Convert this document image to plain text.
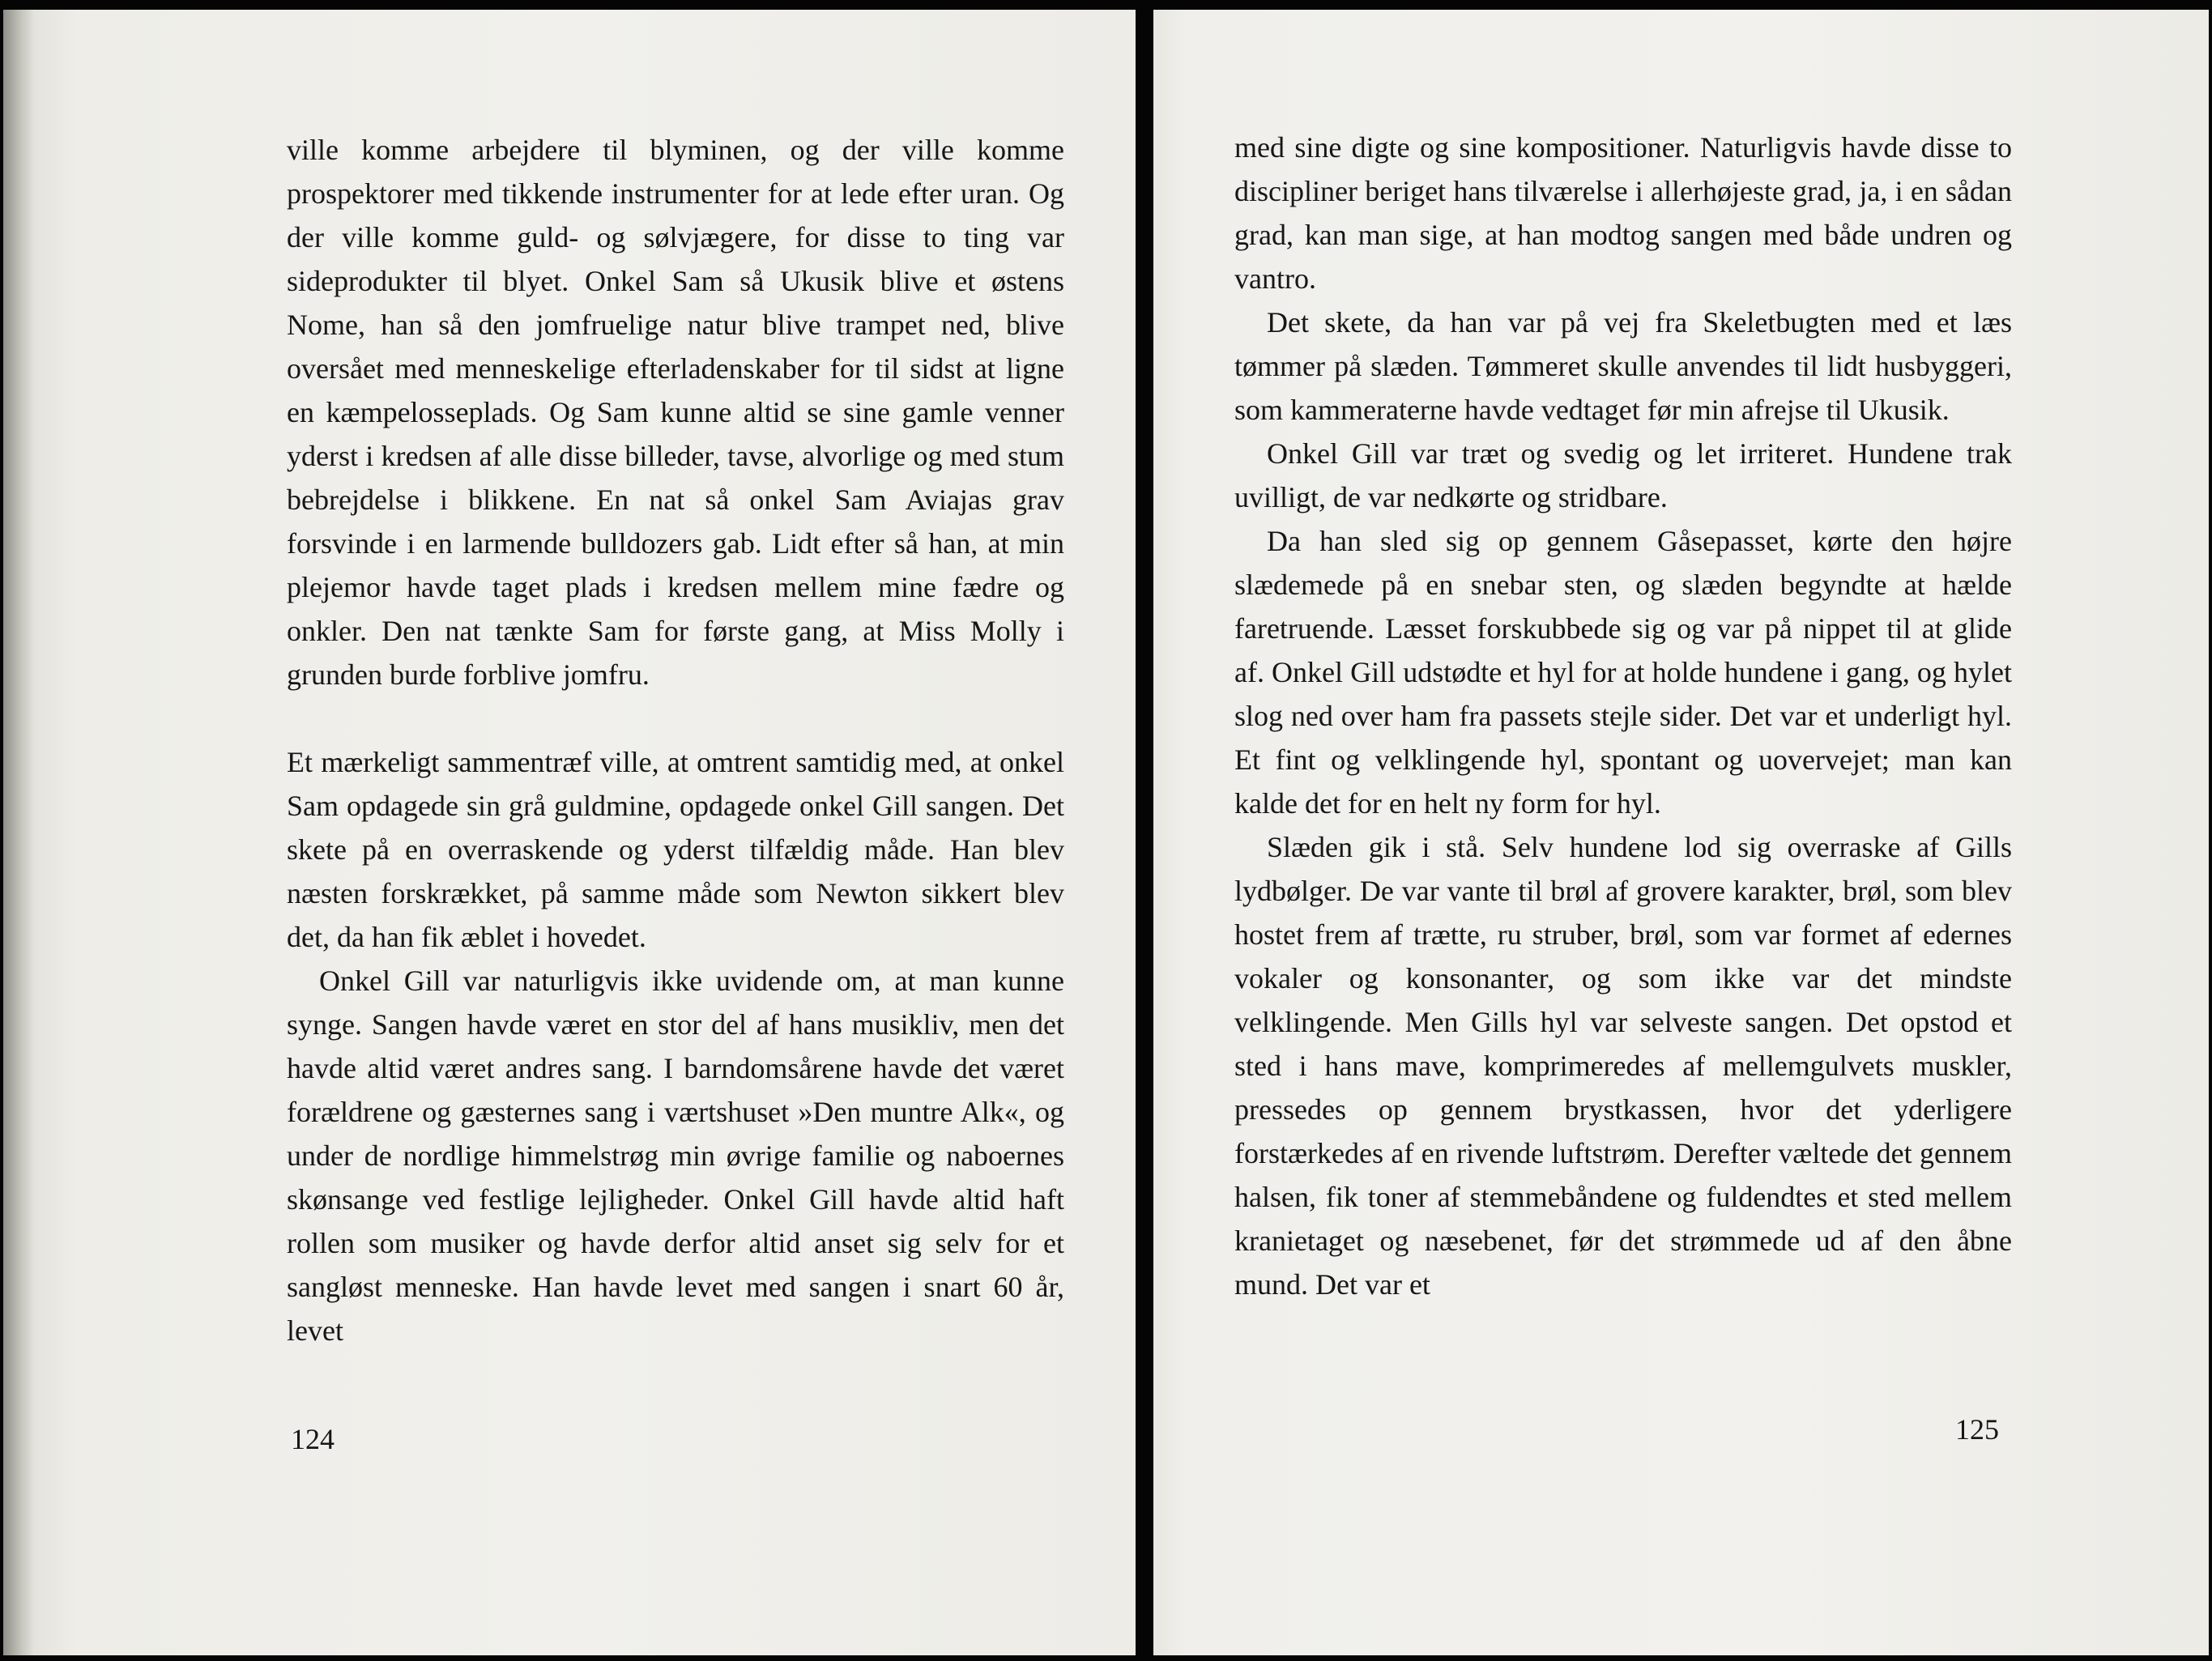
ville komme arbejdere til blyminen, og der ville komme prospektorer med tikkende instrumenter for at lede efter uran. Og der ville komme guld- og sølvjægere, for disse to ting var sideprodukter til blyet. Onkel Sam så Ukusik blive et østens Nome, han så den jomfruelige natur blive trampet ned, blive oversået med menneskelige efterladenskaber for til sidst at ligne en kæmpelosseplads. Og Sam kunne altid se sine gamle venner yderst i kredsen af alle disse billeder, tavse, alvorlige og med stum bebrejdelse i blikkene. En nat så onkel Sam Aviajas grav forsvinde i en larmende bulldozers gab. Lidt efter så han, at min plejemor havde taget plads i kredsen mellem mine fædre og onkler. Den nat tænkte Sam for første gang, at Miss Molly i grunden burde forblive jomfru.

Et mærkeligt sammentræf ville, at omtrent samtidig med, at onkel Sam opdagede sin grå guldmine, opdagede onkel Gill sangen. Det skete på en overraskende og yderst tilfældig måde. Han blev næsten forskrækket, på samme måde som Newton sikkert blev det, da han fik æblet i hovedet.

Onkel Gill var naturligvis ikke uvidende om, at man kunne synge. Sangen havde været en stor del af hans musikliv, men det havde altid været andres sang. I barndomsårene havde det været forældrene og gæsternes sang i værtshuset »Den muntre Alk«, og under de nordlige himmelstrøg min øvrige familie og naboernes skønsange ved festlige lejligheder. Onkel Gill havde altid haft rollen som musiker og havde derfor altid anset sig selv for et sangløst menneske. Han havde levet med sangen i snart 60 år, levet

124

med sine digte og sine kompositioner. Naturligvis havde disse to discipliner beriget hans tilværelse i allerhøjeste grad, ja, i en sådan grad, kan man sige, at han modtog sangen med både undren og vantro.

Det skete, da han var på vej fra Skeletbugten med et læs tømmer på slæden. Tømmeret skulle anvendes til lidt husbyggeri, som kammeraterne havde vedtaget før min afrejse til Ukusik.

Onkel Gill var træt og svedig og let irriteret. Hundene trak uvilligt, de var nedkørte og stridbare.

Da han sled sig op gennem Gåsepasset, kørte den højre slædemede på en snebar sten, og slæden begyndte at hælde faretruende. Læsset forskubbede sig og var på nippet til at glide af. Onkel Gill udstødte et hyl for at holde hundene i gang, og hylet slog ned over ham fra passets stejle sider. Det var et underligt hyl. Et fint og velklingende hyl, spontant og uovervejet; man kan kalde det for en helt ny form for hyl.

Slæden gik i stå. Selv hundene lod sig overraske af Gills lydbølger. De var vante til brøl af grovere karakter, brøl, som blev hostet frem af trætte, ru struber, brøl, som var formet af edernes vokaler og konsonanter, og som ikke var det mindste velklingende. Men Gills hyl var selveste sangen. Det opstod et sted i hans mave, komprimeredes af mellemgulvets muskler, pressedes op gennem brystkassen, hvor det yderligere forstærkedes af en rivende luftstrøm. Derefter væltede det gennem halsen, fik toner af stemmebåndene og fuldendtes et sted mellem kranietaget og næsebenet, før det strømmede ud af den åbne mund. Det var et

125
